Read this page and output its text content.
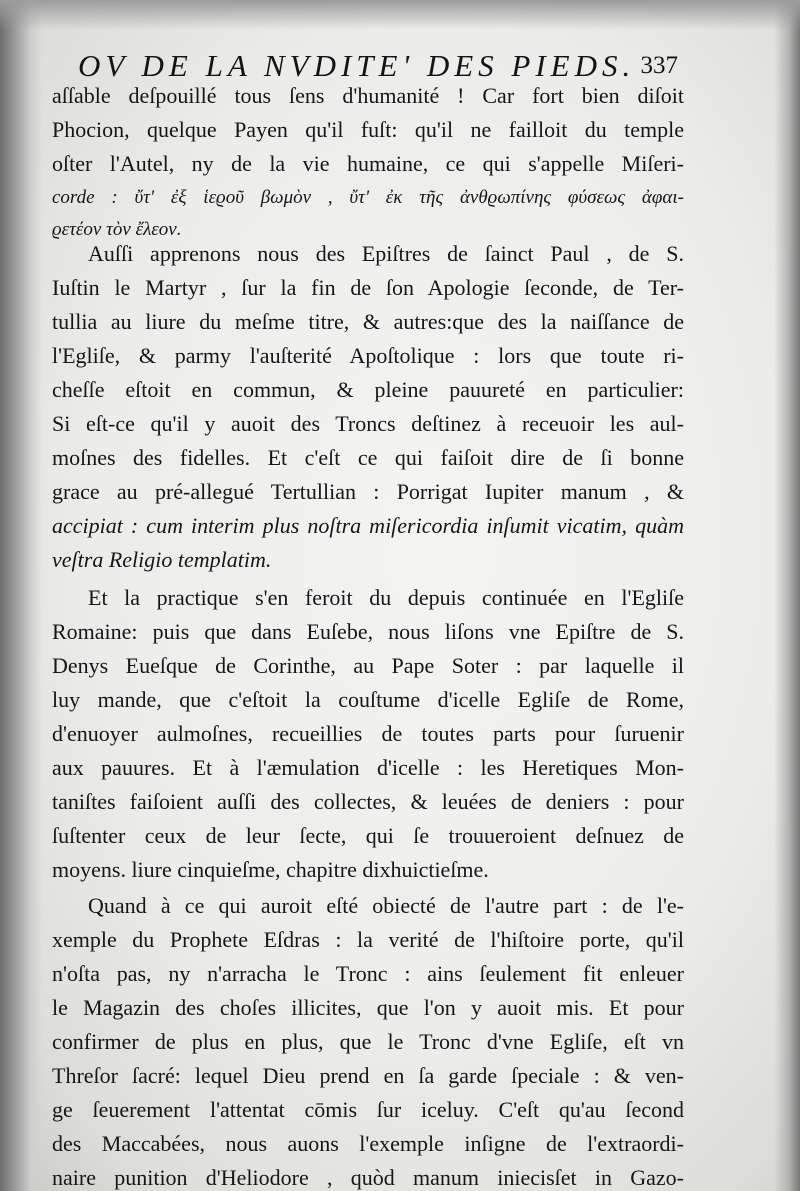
OV DE LA NVDITE' DES PIEDS. 337
aſſable deſpouillé tous ſens d'humanité ! Car fort bien diſoit
Phocion, quelque Payen qu'il fuſt: qu'il ne failloit du temple
oſter l'Autel, ny de la vie humaine, ce qui s'appelle Miſeri-
corde : ὔτ' ἐξ ἱεϱοῦ βωμὸν , ὔτ' ἐκ τῆς ἀνθϱωπίνης φύσεως ἀφαι-
ϱετέον τὸν ἔλεον.
Auſſi apprenons nous des Epiſtres de ſainct Paul , de S.
Iuſtin le Martyr , ſur la fin de ſon Apologie ſeconde, de Ter-
tullia au liure du meſme titre, & autres:que des la naiſſance de
l'Egliſe, & parmy l'auſterité Apoſtolique : lors que toute ri-
cheſſe eſtoit en commun, & pleine pauureté en particulier:
Si eſt-ce qu'il y auoit des Troncs deſtinez à receuoir les aul-
moſnes des fidelles. Et c'eſt ce qui faiſoit dire de ſi bonne
grace au pré-allegué Tertullian : Porrigat Iupiter manum , &
accipiat : cum interim plus noſtra miſericordia inſumit vicatim, quàm
veſtra Religio templatim.
Et la practique s'en feroit du depuis continuée en l'Egliſe
Romaine: puis que dans Euſebe, nous liſons vne Epiſtre de S.
Denys Eueſque de Corinthe, au Pape Soter : par laquelle il
luy mande, que c'eſtoit la couſtume d'icelle Egliſe de Rome,
d'enuoyer aulmoſnes, recueillies de toutes parts pour ſuruenir
aux pauures. Et à l'æmulation d'icelle : les Heretiques Mon-
taniſtes faiſoient auſſi des collectes, & leuées de deniers : pour
ſuſtenter ceux de leur ſecte, qui ſe trouueroient deſnuez de
moyens. liure cinquieſme, chapitre dixhuictieſme.
Quand à ce qui auroit eſté obiecté de l'autre part : de l'e-
xemple du Prophete Eſdras : la verité de l'hiſtoire porte, qu'il
n'oſta pas, ny n'arracha le Tronc : ains ſeulement fit enleuer
le Magazin des choſes illicites, que l'on y auoit mis. Et pour
confirmer de plus en plus, que le Tronc d'vne Egliſe, eſt vn
Threſor ſacré: lequel Dieu prend en ſa garde ſpeciale : & ven-
ge ſeuerement l'attentat cōmis ſur iceluy. C'eſt qu'au ſecond
des Maccabées, nous auons l'exemple inſigne de l'extraordi-
naire punition d'Heliodore , quòd manum iniecisſet in Gazo-
